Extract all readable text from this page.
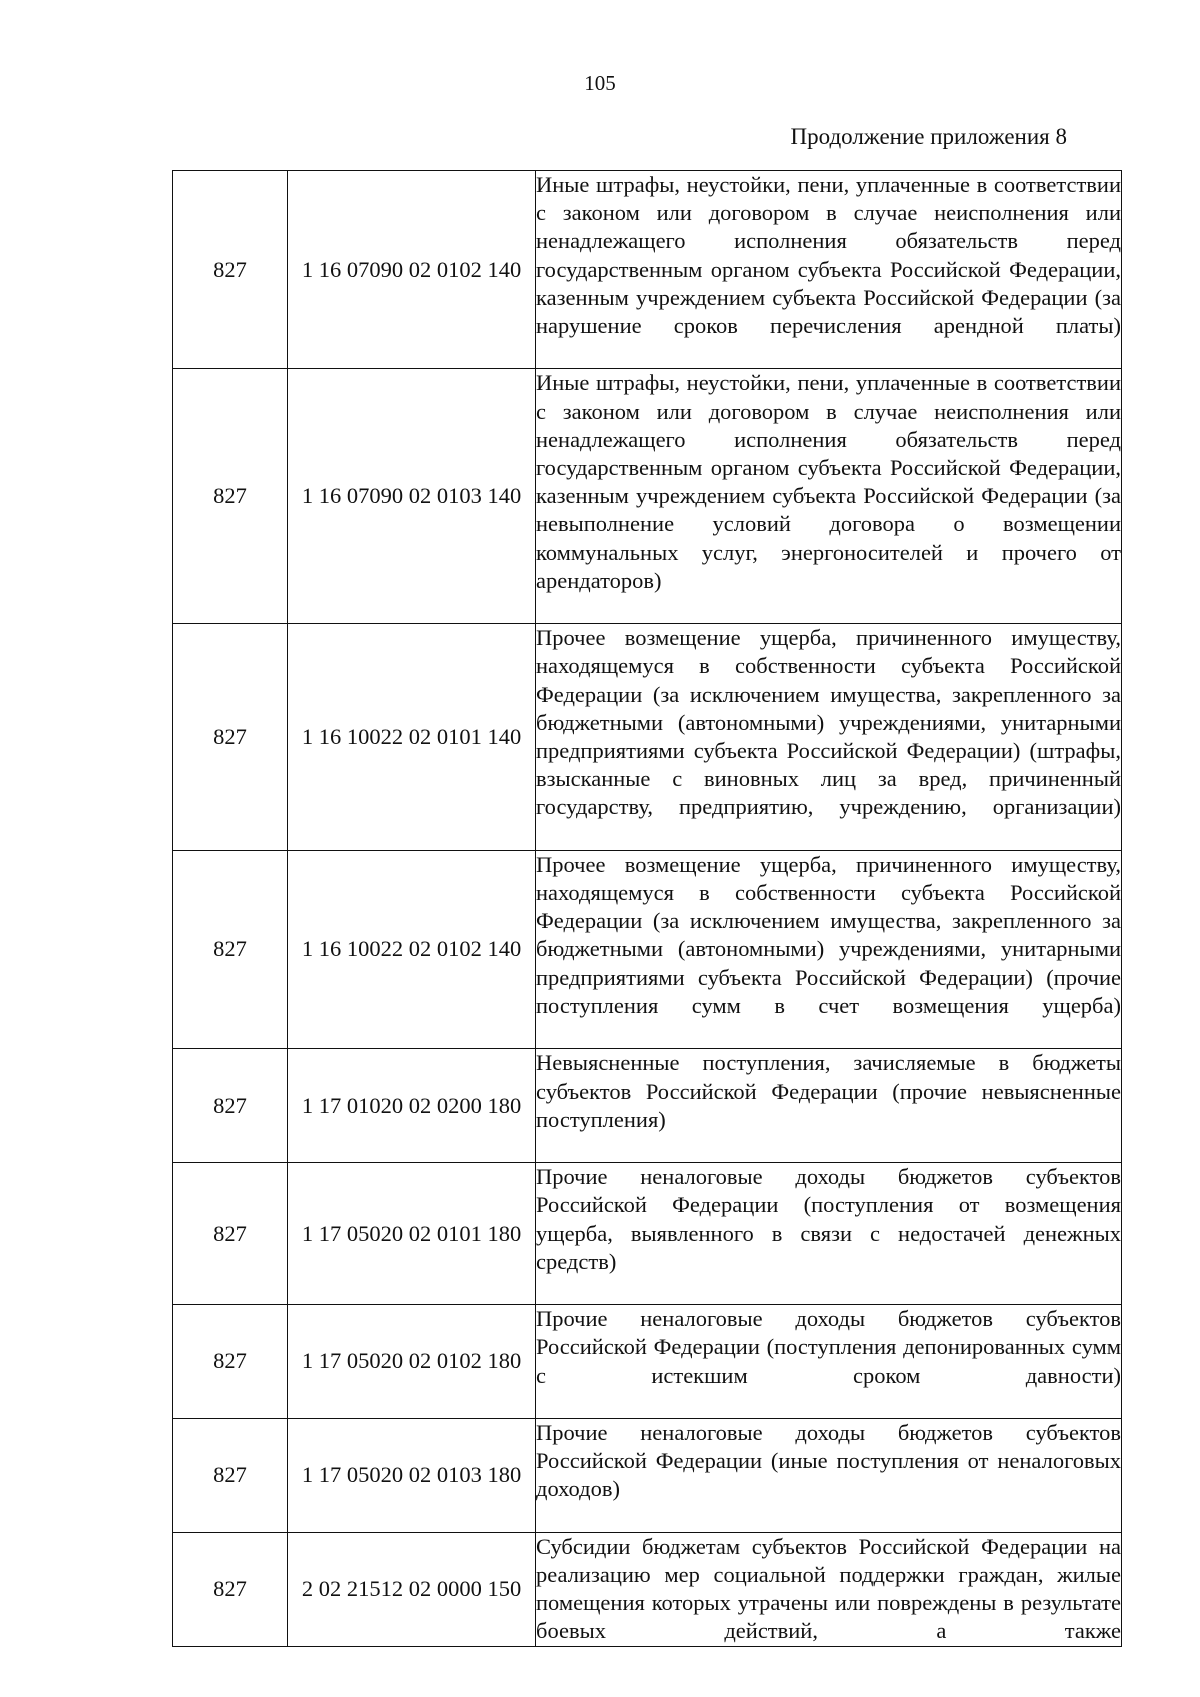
105
Продолжение приложения 8
827	1 16 07090 02 0102 140	Иные штрафы, неустойки, пени, уплаченные в соответствии с законом или договором в случае неисполнения или ненадлежащего исполнения обязательств перед государственным органом субъекта Российской Федерации, казенным учреждением субъекта Российской Федерации (за нарушение сроков перечисления арендной платы)

827	1 16 07090 02 0103 140	Иные штрафы, неустойки, пени, уплаченные в соответствии с законом или договором в случае неисполнения или ненадлежащего исполнения обязательств перед государственным органом субъекта Российской Федерации, казенным учреждением субъекта Российской Федерации (за невыполнение условий договора о возмещении коммунальных услуг, энергоносителей и прочего от арендаторов)

827	1 16 10022 02 0101 140	Прочее возмещение ущерба, причиненного имуществу, находящемуся в собственности субъекта Российской Федерации (за исключением имущества, закрепленного за бюджетными (автономными) учреждениями, унитарными предприятиями субъекта Российской Федерации) (штрафы, взысканные с виновных лиц за вред, причиненный государству, предприятию, учреждению, организации)

827	1 16 10022 02 0102 140	Прочее возмещение ущерба, причиненного имуществу, находящемуся в собственности субъекта Российской Федерации (за исключением имущества, закрепленного за бюджетными (автономными) учреждениями, унитарными предприятиями субъекта Российской Федерации) (прочие поступления сумм в счет возмещения ущерба)

827	1 17 01020 02 0200 180	Невыясненные поступления, зачисляемые в бюджеты субъектов Российской Федерации (прочие невыясненные поступления)

827	1 17 05020 02 0101 180	Прочие неналоговые доходы бюджетов субъектов Российской Федерации (поступления от возмещения ущерба, выявленного в связи с недостачей денежных средств)

827	1 17 05020 02 0102 180	Прочие неналоговые доходы бюджетов субъектов Российской Федерации (поступления депонированных сумм с истекшим сроком давности)

827	1 17 05020 02 0103 180	Прочие неналоговые доходы бюджетов субъектов Российской Федерации (иные поступления от неналоговых доходов)

827	2 02 21512 02 0000 150	Субсидии бюджетам субъектов Российской Федерации на реализацию мер социальной поддержки граждан, жилые помещения которых утрачены или повреждены в результате боевых действий, а также
